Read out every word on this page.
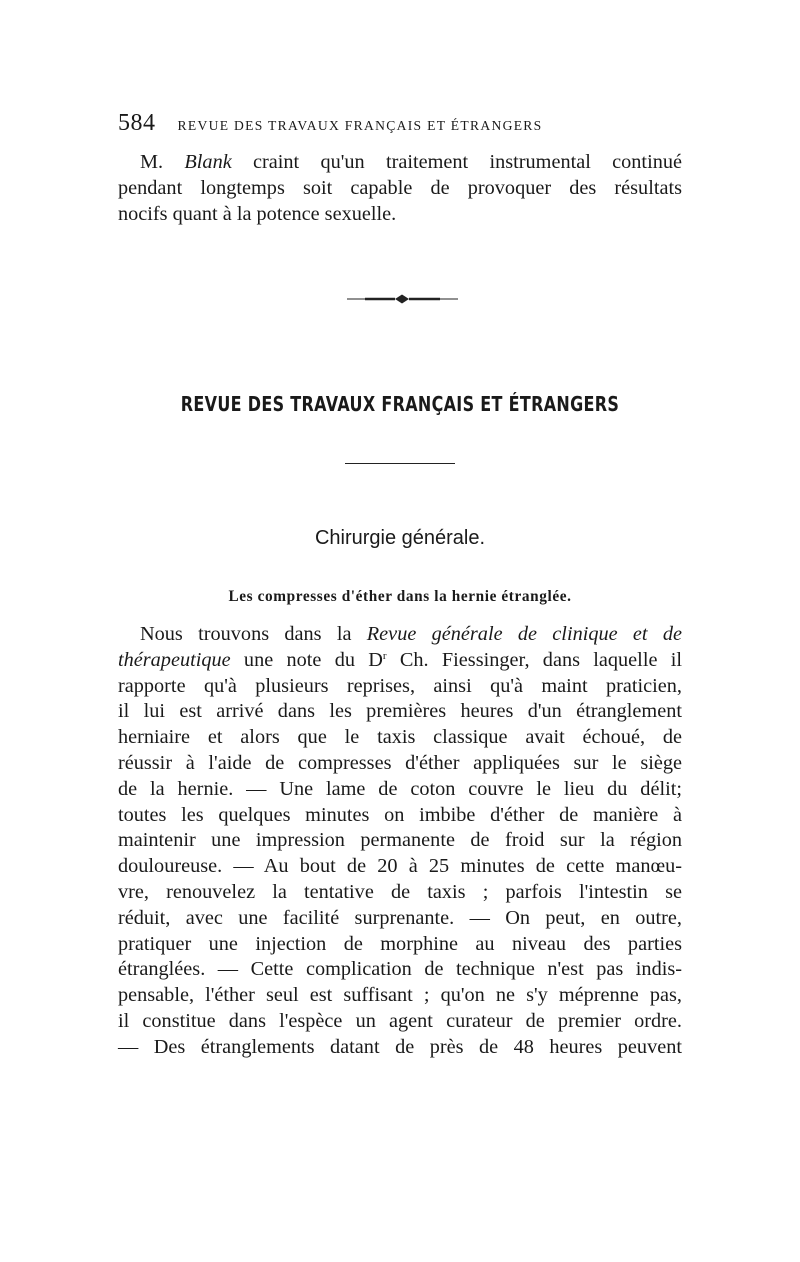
584 REVUE DES TRAVAUX FRANÇAIS ET ÉTRANGERS
M. Blank craint qu'un traitement instrumental continué
pendant longtemps soit capable de provoquer des résultats
nocifs quant à la potence sexuelle.
REVUE DES TRAVAUX FRANÇAIS ET ÉTRANGERS
Chirurgie générale.
Les compresses d'éther dans la hernie étranglée.
Nous trouvons dans la Revue générale de clinique et de
thérapeutique une note du $D^r$ Ch. Fiessinger, dans laquelle il
rapporte qu'à plusieurs reprises, ainsi qu'à maint praticien,
il lui est arrivé dans les premières heures d'un étranglement
herniaire et alors que le taxis classique avait échoué, de
réussir à l'aide de compresses d'éther appliquées sur le siège
de la hernie. — Une lame de coton couvre le lieu du délit;
toutes les quelques minutes on imbibe d'éther de manière à
maintenir une impression permanente de froid sur la région
douloureuse. — Au bout de 20 à 25 minutes de cette manœu-
vre, renouvelez la tentative de taxis ; parfois l'intestin se
réduit, avec une facilité surprenante. — On peut, en outre,
pratiquer une injection de morphine au niveau des parties
étranglées. — Cette complication de technique n'est pas indis-
pensable, l'éther seul est suffisant ; qu'on ne s'y méprenne pas,
il constitue dans l'espèce un agent curateur de premier ordre.
— Des étranglements datant de près de 48 heures peuvent
